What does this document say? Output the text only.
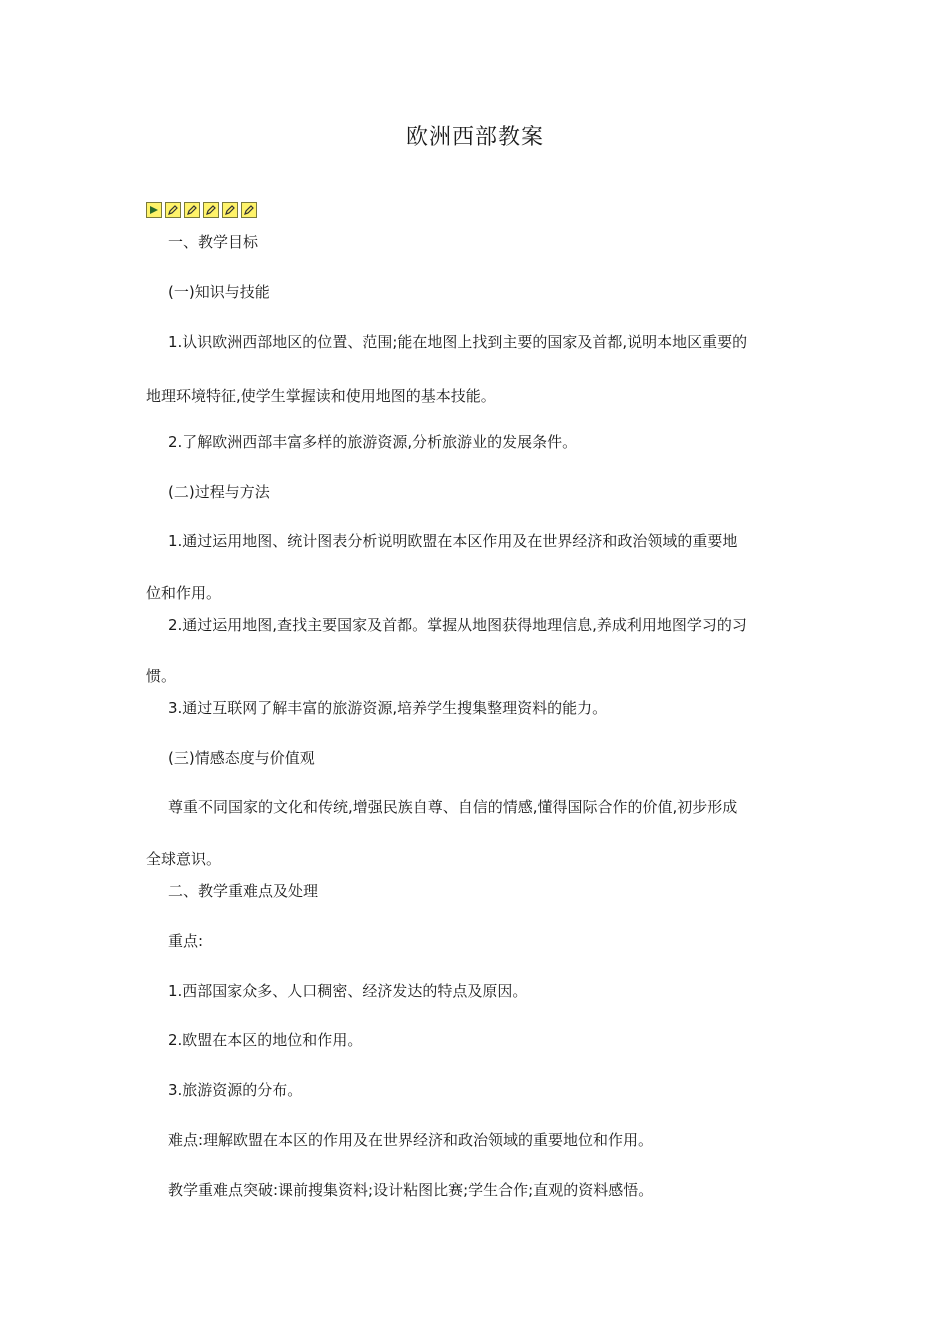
欧洲西部教案
一、教学目标
(一)知识与技能
1.认识欧洲西部地区的位置、范围;能在地图上找到主要的国家及首都,说明本地区重要的
地理环境特征,使学生掌握读和使用地图的基本技能。
2.了解欧洲西部丰富多样的旅游资源,分析旅游业的发展条件。
(二)过程与方法
1.通过运用地图、统计图表分析说明欧盟在本区作用及在世界经济和政治领域的重要地
位和作用。
2.通过运用地图,查找主要国家及首都。掌握从地图获得地理信息,养成利用地图学习的习
惯。
3.通过互联网了解丰富的旅游资源,培养学生搜集整理资料的能力。
(三)情感态度与价值观
尊重不同国家的文化和传统,增强民族自尊、自信的情感,懂得国际合作的价值,初步形成
全球意识。
二、教学重难点及处理
重点:
1.西部国家众多、人口稠密、经济发达的特点及原因。
2.欧盟在本区的地位和作用。
3.旅游资源的分布。
难点:理解欧盟在本区的作用及在世界经济和政治领域的重要地位和作用。
教学重难点突破:课前搜集资料;设计粘图比赛;学生合作;直观的资料感悟。
